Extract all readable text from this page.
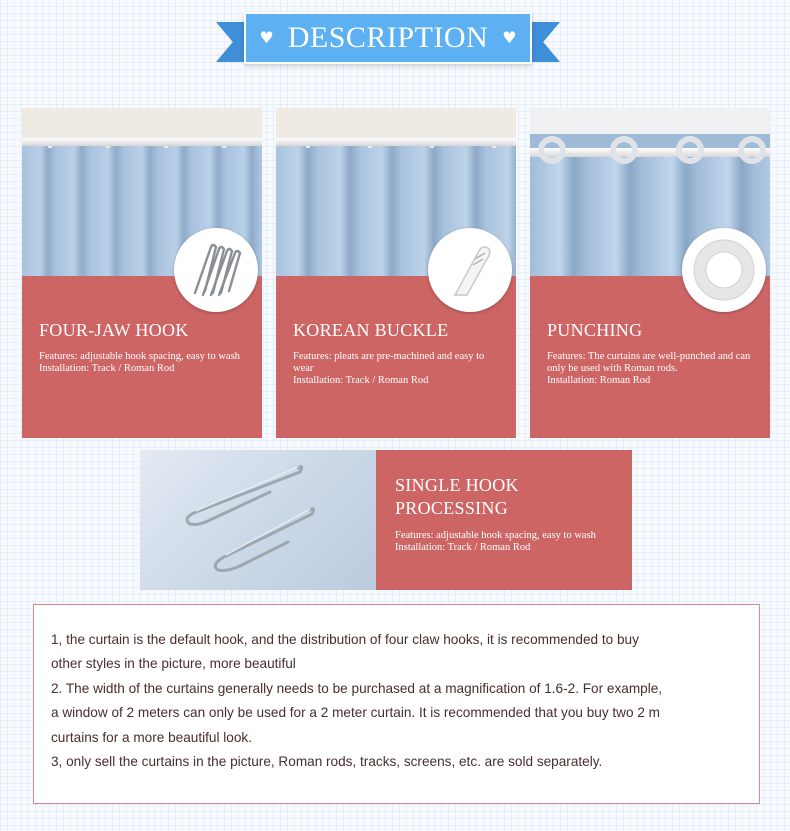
♥ DESCRIPTION ♥
FOUR-JAW HOOK
Features: adjustable hook spacing, easy to wash
Installation: Track / Roman Rod
KOREAN BUCKLE
Features: pleats are pre-machined and easy to wear
Installation: Track / Roman Rod
PUNCHING
Features: The curtains are well-punched and can only be used with Roman rods.
Installation: Roman Rod
SINGLE HOOK PROCESSING
Features: adjustable hook spacing, easy to wash
Installation: Track / Roman Rod
1, the curtain is the default hook, and the distribution of four claw hooks, it is recommended to buy
other styles in the picture, more beautiful
2. The width of the curtains generally needs to be purchased at a magnification of 1.6-2. For example,
a window of 2 meters can only be used for a 2 meter curtain. It is recommended that you buy two 2 m
curtains for a more beautiful look.
3, only sell the curtains in the picture, Roman rods, tracks, screens, etc. are sold separately.
